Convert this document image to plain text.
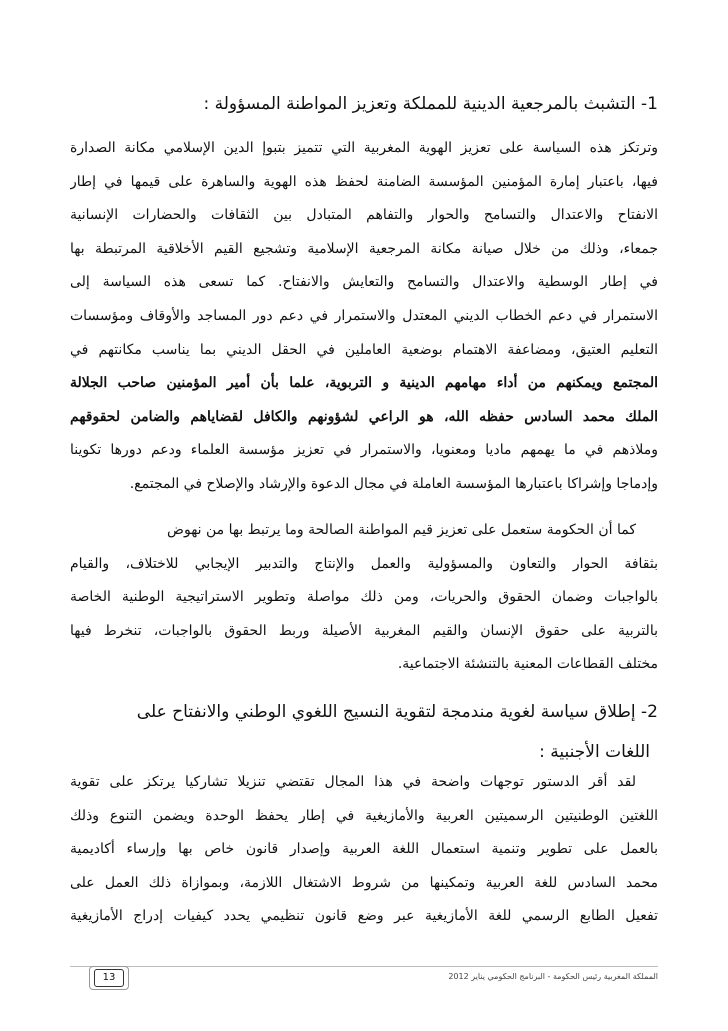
1- التشبث بالمرجعية الدينية للمملكة وتعزيز المواطنة المسؤولة :

وترتكز هذه السياسة على تعزيز الهوية المغربية التي تتميز بتبوإ الدين الإسلامي مكانة الصدارة
فيها، باعتبار إمارة المؤمنين المؤسسة الضامنة لحفظ هذه الهوية والساهرة على قيمها في إطار
الانفتاح والاعتدال والتسامح والحوار والتفاهم المتبادل بين الثقافات والحضارات الإنسانية
جمعاء، وذلك من خلال صيانة مكانة المرجعية الإسلامية وتشجيع القيم الأخلاقية المرتبطة بها
في إطار الوسطية والاعتدال والتسامح والتعايش والانفتاح. كما تسعى هذه السياسة إلى
الاستمرار في دعم الخطاب الديني المعتدل والاستمرار في دعم دور المساجد والأوقاف ومؤسسات
التعليم العتيق، ومضاعفة الاهتمام بوضعية العاملين في الحقل الديني بما يناسب مكانتهم في
المجتمع ويمكنهم من أداء مهامهم الدينية و التربوية، علما بأن أمير المؤمنين صاحب الجلالة
الملك محمد السادس حفظه الله، هو الراعي لشؤونهم والكافل لقضاياهم والضامن لحقوقهم
وملاذهم في ما يهمهم ماديا ومعنويا، والاستمرار في تعزيز مؤسسة العلماء ودعم دورها تكوينا
وإدماجا وإشراكا باعتبارها المؤسسة العاملة في مجال الدعوة والإرشاد والإصلاح في المجتمع.
كما أن الحكومة ستعمل على تعزيز قيم المواطنة الصالحة وما يرتبط بها من نهوض
بثقافة الحوار والتعاون والمسؤولية والعمل والإنتاج والتدبير الإيجابي للاختلاف، والقيام
بالواجبات وضمان الحقوق والحريات، ومن ذلك مواصلة وتطوير الاستراتيجية الوطنية الخاصة
بالتربية على حقوق الإنسان والقيم المغربية الأصيلة وربط الحقوق بالواجبات، تنخرط فيها
مختلف القطاعات المعنية بالتنشئة الاجتماعية.

2- إطلاق سياسة لغوية مندمجة لتقوية النسيج اللغوي الوطني والانفتاح على

اللغات الأجنبية :

لقد أقر الدستور توجهات واضحة في هذا المجال تقتضي تنزيلا تشاركيا يرتكز على تقوية
اللغتين الوطنيتين الرسميتين العربية والأمازيغية في إطار يحفظ الوحدة ويضمن التنوع وذلك
بالعمل على تطوير وتنمية استعمال اللغة العربية وإصدار قانون خاص بها وإرساء أكاديمية
محمد السادس للغة العربية وتمكينها من شروط الاشتغال اللازمة، وبموازاة ذلك العمل على
تفعيل الطابع الرسمي للغة الأمازيغية عبر وضع قانون تنظيمي يحدد كيفيات إدراج الأمازيغية
المملكة المغربية رئيس الحكومة - البرنامج الحكومي يناير 2012
13
